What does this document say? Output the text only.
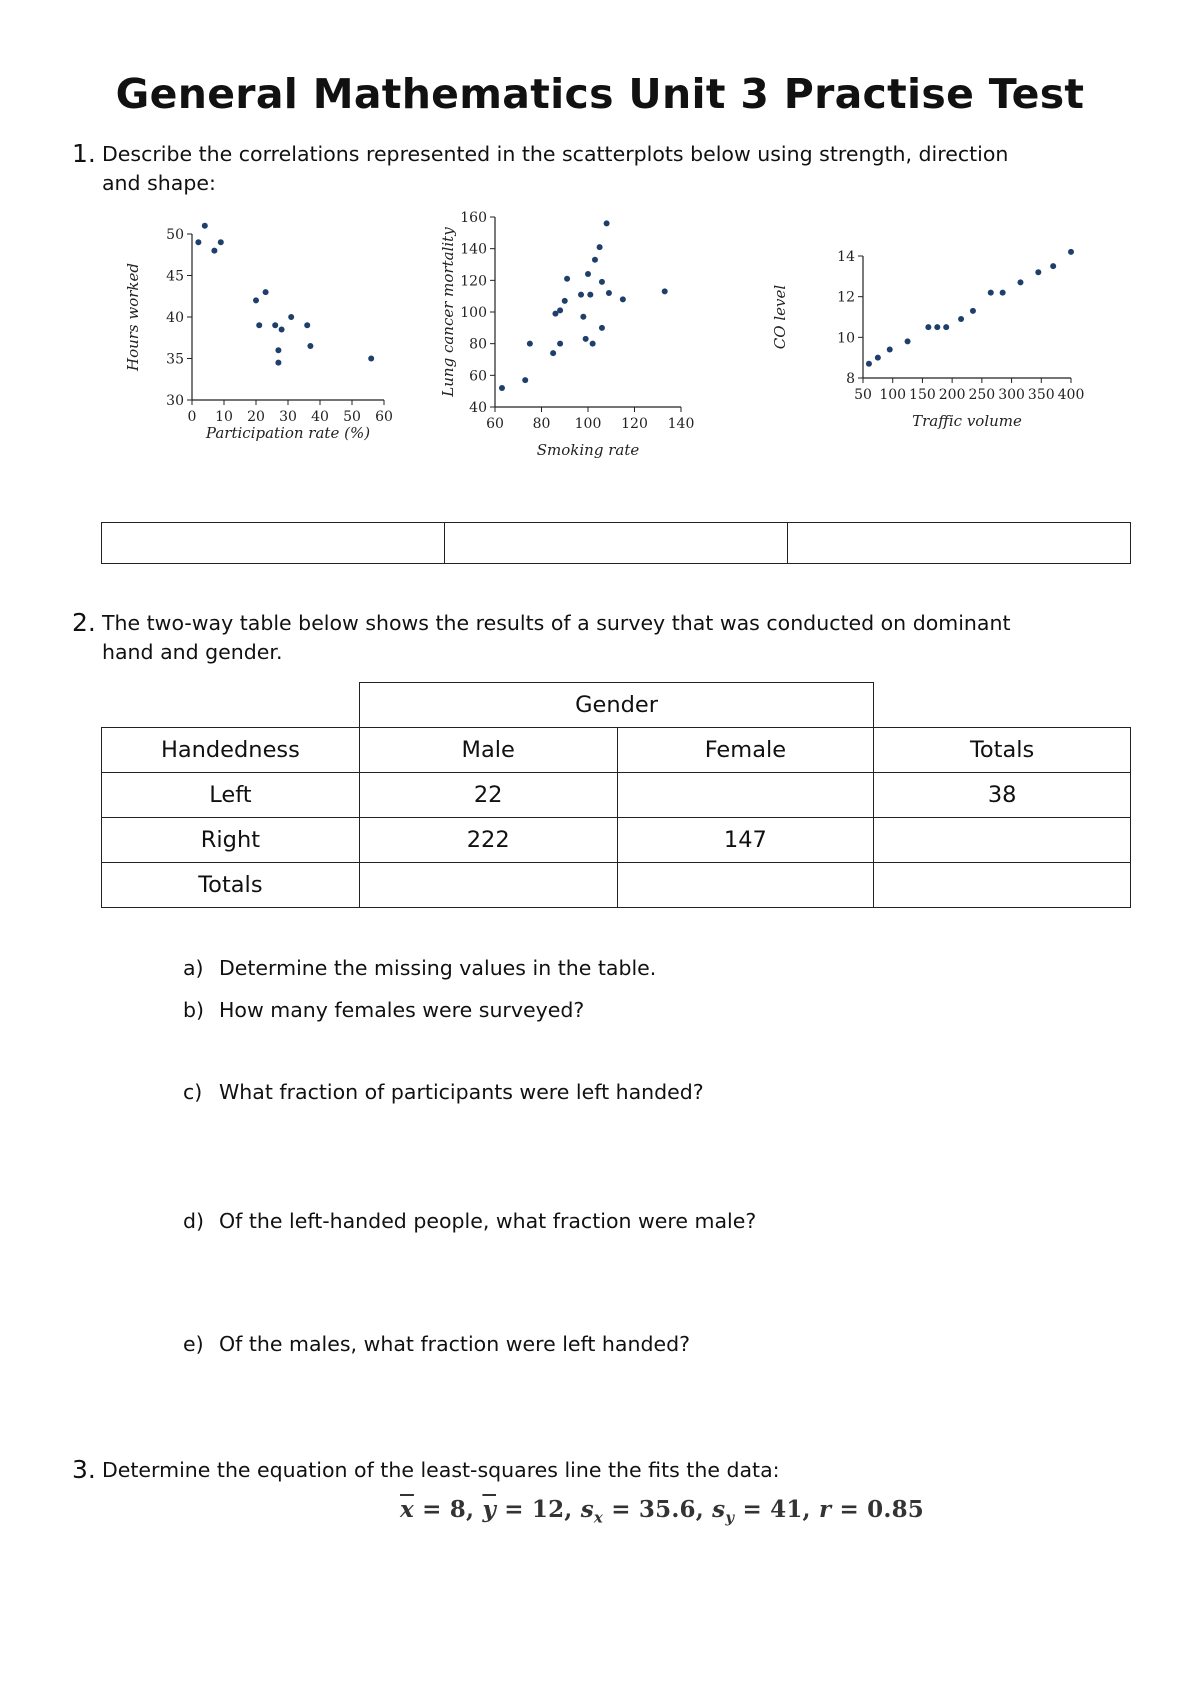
General Mathematics Unit 3 Practise Test
1. Describe the correlations represented in the scatterplots below using strength, direction
and shape:
0 10 20 30 40 50 60
30
35
40
45
50
Participation rate (%)
Hours worked
60 80 100 120 140
40
60
80
100
120
140
160
Smoking rate
Lung cancer mortality	50 100 150 200 250 300 350 400
8
10
12
14
Traffic volume
CO level

2. The two-way table below shows the results of a survey that was conducted on dominant
hand and gender.
	Gender		
Handedness	Male	Female	Totals
Left	22		38
Right	222	147	
Totals			
a) Determine the missing values in the table.
b) How many females were surveyed?
c) What fraction of participants were left handed?
d) Of the left-handed people, what fraction were male?
e) Of the males, what fraction were left handed?
3. Determine the equation of the least-squares line the fits the data:
$\overline{x} = 8$, $\overline{y} = 12$, $s_x = 35.6$, $s_y = 41$, r = 0.85
